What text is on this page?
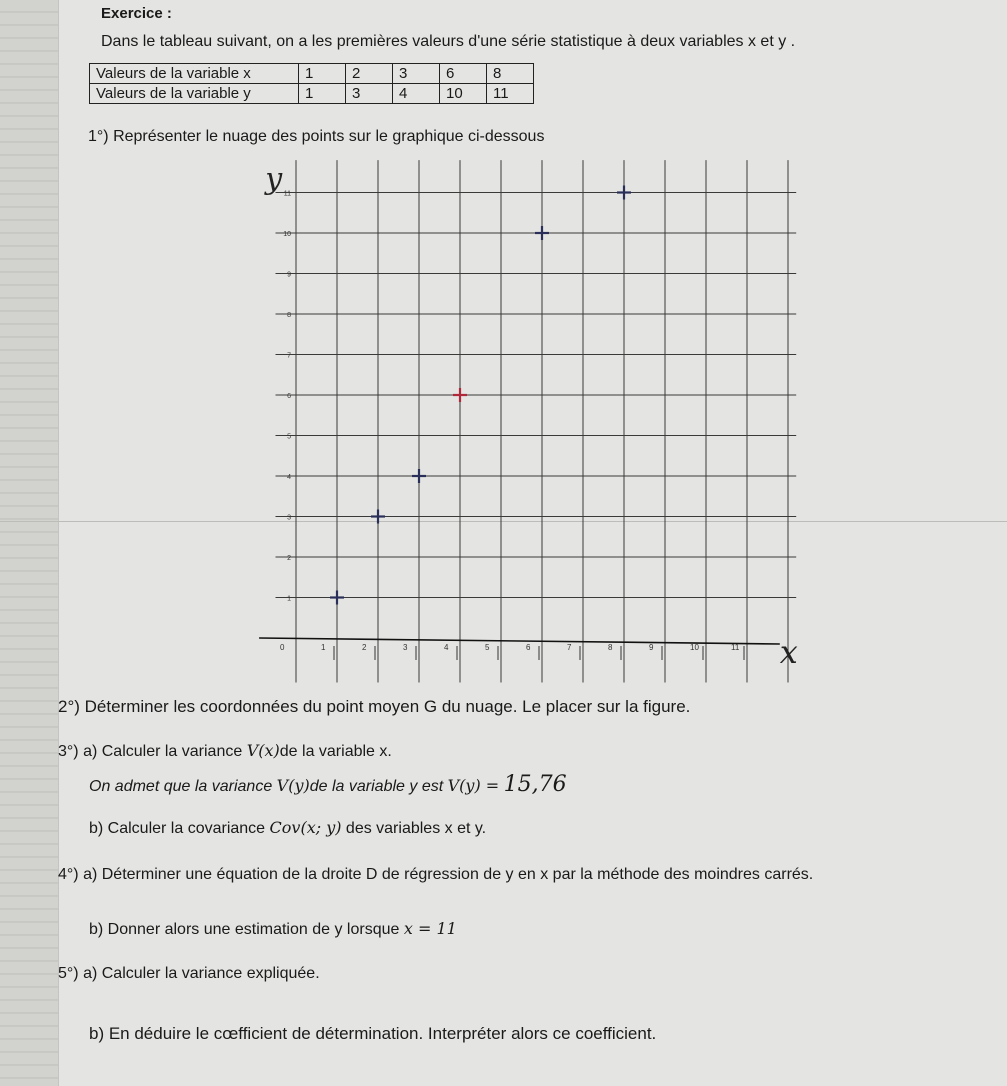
Exercice :
Dans le tableau suivant, on a les premières valeurs d'une série statistique à deux variables x et y .
Valeurs de la variable x	1	2	3	6	8
Valeurs de la variable y	1	3	4	10	11
1°) Représenter le nuage des points sur le graphique ci-dessous
1
2
3
4
5
6
7
8
9
10
11
0	1	2	3	4	5	6	7	8	9	10	11
y
x
2°) Déterminer les coordonnées du point moyen G du nuage. Le placer sur la figure.
3°) a) Calculer la variance V(x)de la variable x.
On admet que la variance V(y)de la variable y est V(y) = 15,76
b) Calculer la covariance Cov(x; y) des variables x et y.
4°) a) Déterminer une équation de la droite D de régression de y en x par la méthode des moindres carrés.
b) Donner alors une estimation de y lorsque x = 11
5°) a) Calculer la variance expliquée.
b) En déduire le cœfficient de détermination. Interpréter alors ce coefficient.
